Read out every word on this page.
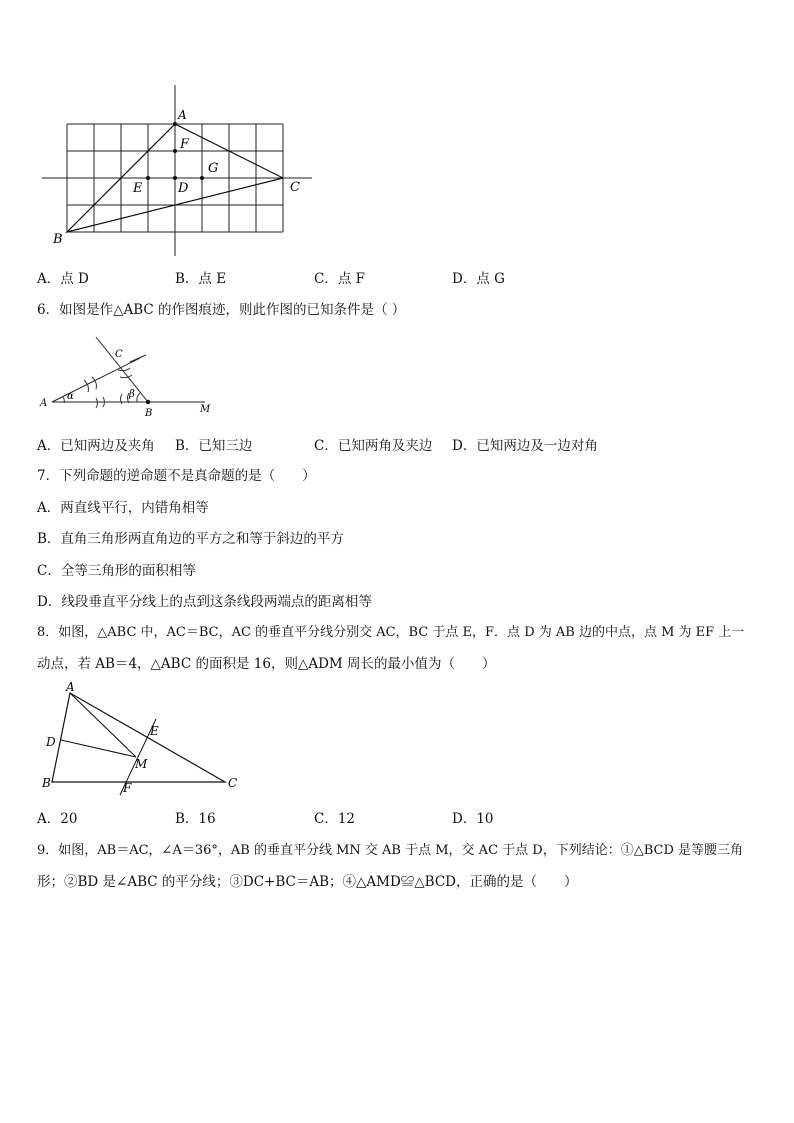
A
F
G
E	D	C
B
A．点 D	B．点 E	C．点 F	D．点 G
6．如图是作△ABC 的作图痕迹，则此作图的已知条件是（ ）
A
α	β
C
B	M
A．已知两边及夹角 B．已知三边	C．已知两角及夹边 D．已知两边及一边对角
7．下列命题的逆命题不是真命题的是（　　）
A．两直线平行，内错角相等
B．直角三角形两直角边的平方之和等于斜边的平方
C．全等三角形的面积相等
D．线段垂直平分线上的点到这条线段两端点的距离相等
8．如图，△ABC 中，AC＝BC，AC 的垂直平分线分别交 AC，BC 于点 E，F．点 D 为 AB 边的中点，点 M 为 EF 上一
动点，若 AB＝4，△ABC 的面积是 16，则△ADM 周长的最小值为（　　）
A
D
E
M
B	F	C
A．20	B．16	C．12	D．10
9．如图，AB＝AC，∠A＝36°，AB 的垂直平分线 MN 交 AB 于点 M，交 AC 于点 D，下列结论：①△BCD 是等腰三角
形；②BD 是∠ABC 的平分线；③DC+BC＝AB；④△AMD≌△BCD，正确的是（　　）
